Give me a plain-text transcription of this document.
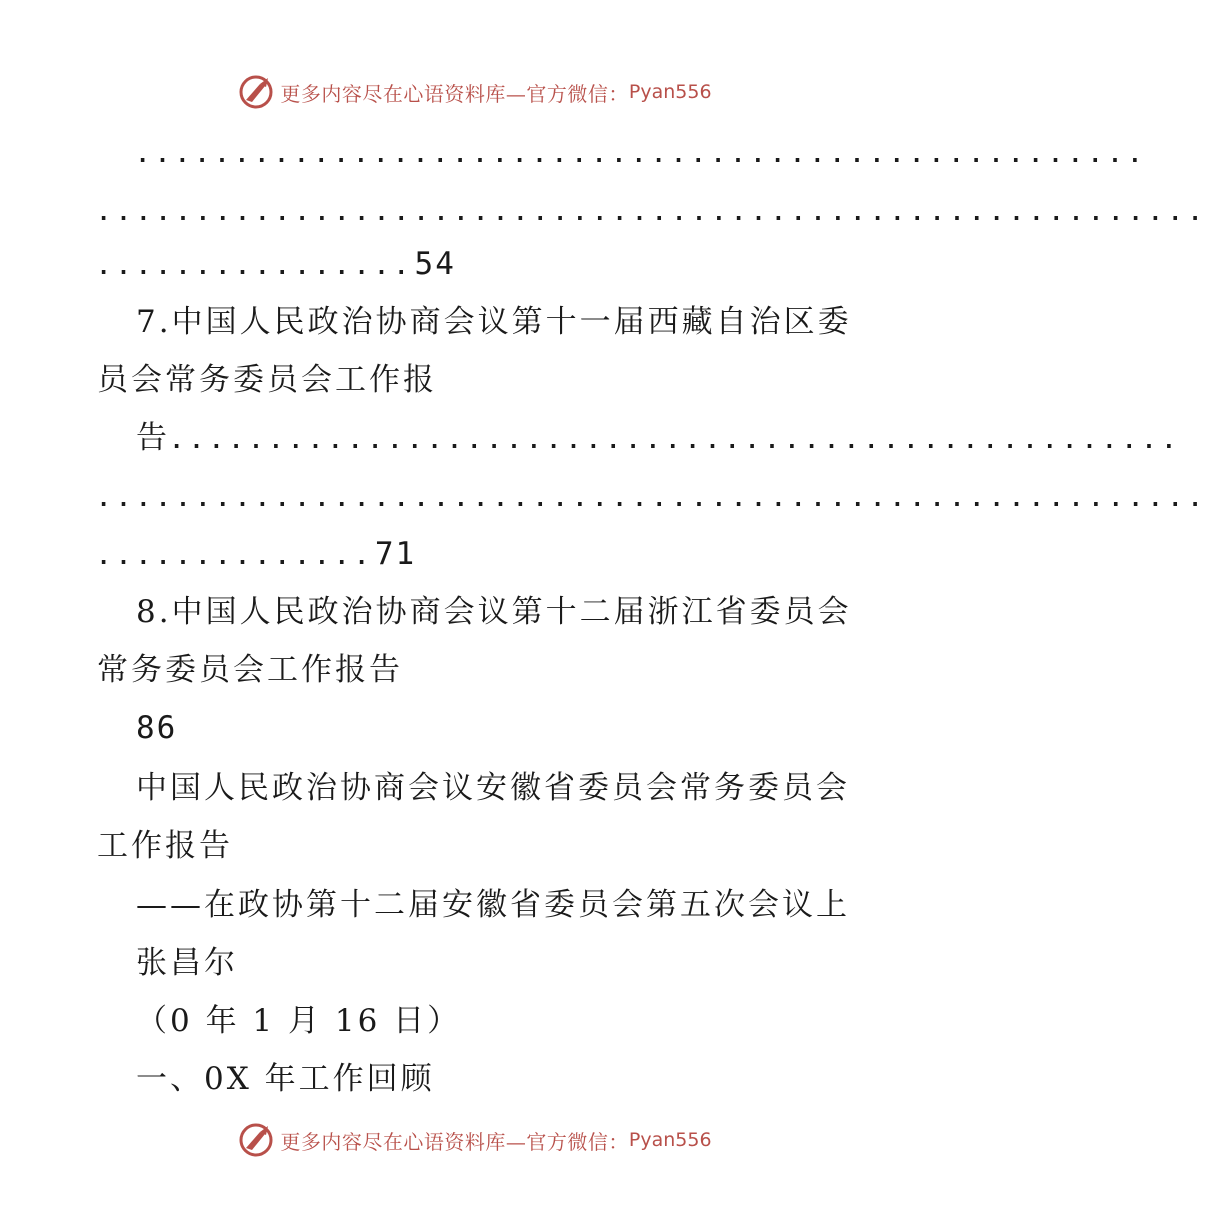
更多内容尽在心语资料库—官方微信： Pyan556
...................................................
........................................................
................54
7.中国人民政治协商会议第十一届西藏自治区委
员会常务委员会工作报
告...................................................
........................................................
..............71
8.中国人民政治协商会议第十二届浙江省委员会
常务委员会工作报告
86
中国人民政治协商会议安徽省委员会常务委员会
工作报告
——在政协第十二届安徽省委员会第五次会议上
张昌尔
（0 年 1 月 16 日）
一、0X 年工作回顾
更多内容尽在心语资料库—官方微信： Pyan556
